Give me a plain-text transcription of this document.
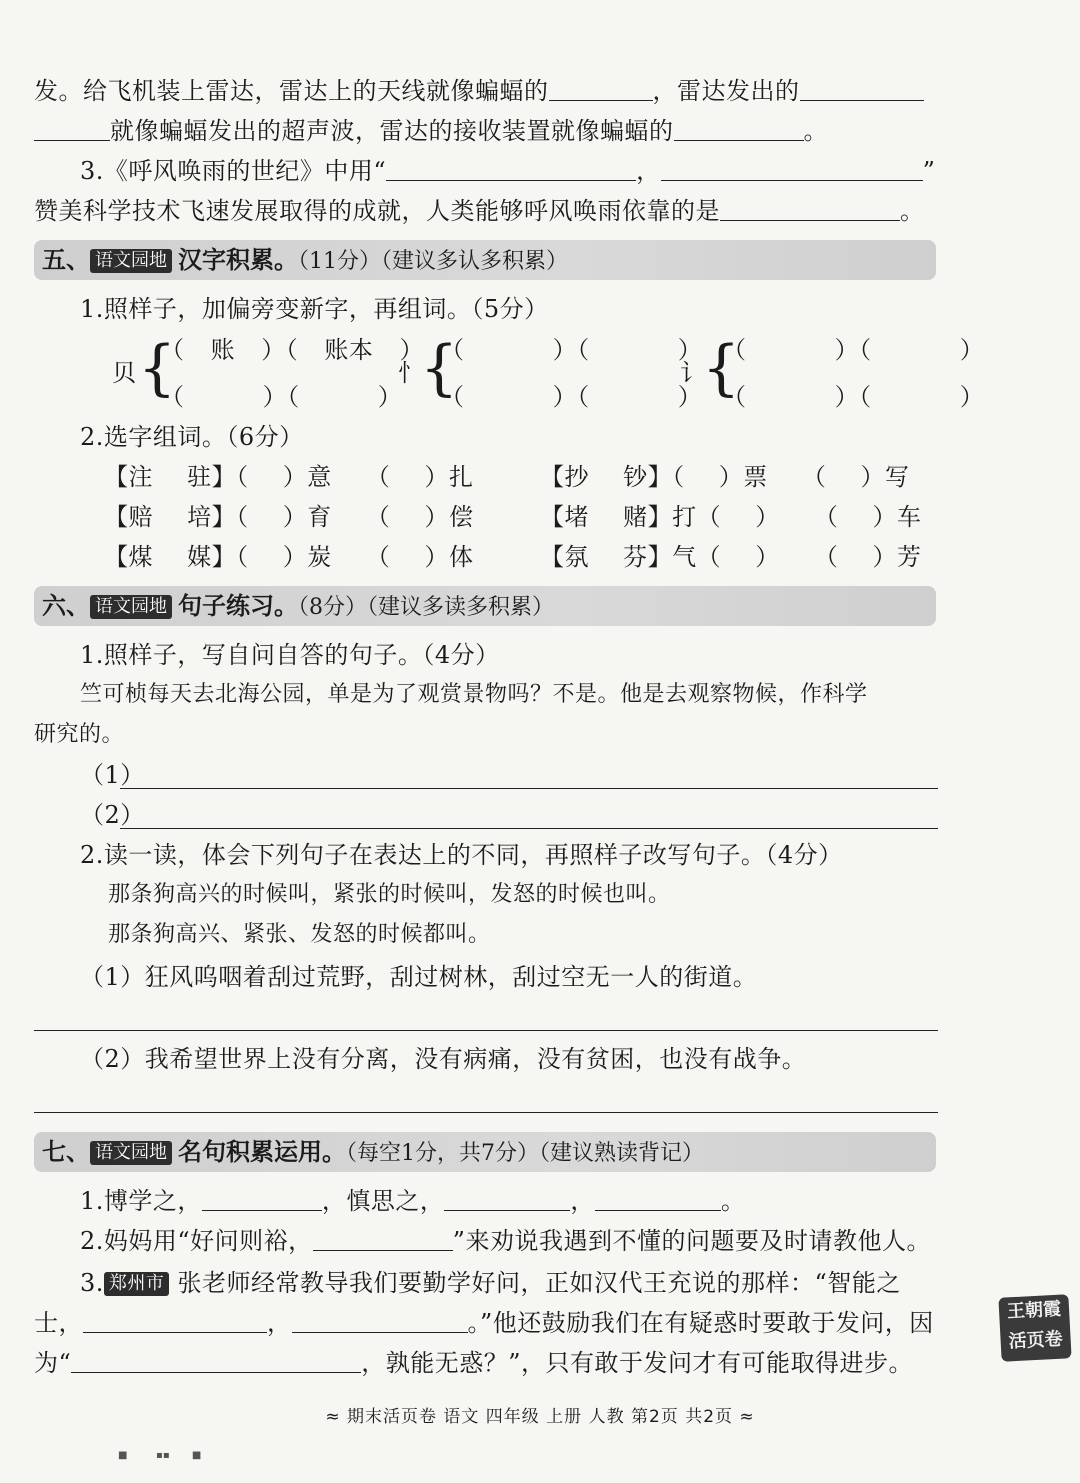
发。给飞机装上雷达，雷达上的天线就像蝙蝠的	，雷达发出的
就像蝙蝠发出的超声波，雷达的接收装置就像蝙蝠的	。
3.《呼风唤雨的世纪》中用“	，	”
赞美科学技术飞速发展取得的成就，人类能够呼风唤雨依靠的是	。
五、 语文园地 汉字积累。（11分）（建议多认多积累）
1.照样子，加偏旁变新字，再组词。（5分）
贝 {
（ 账 ）（ 账本 ）
（ ）（ ）
忄
{
（ ）（ ）
（ ）（ ）
讠
{
（ ）（ ）
（ ）（ ）
2.选字组词。（6分）
【注 驻】（ ）意 （ ）扎	【抄 钞】（ ）票 （ ）写
【赔 培】（ ）育 （ ）偿	【堵 赌】打（ ） （ ）车
【煤 媒】（ ）炭 （ ）体	【氛 芬】气（ ） （ ）芳
六、 语文园地 句子练习。（8分）（建议多读多积累）
1.照样子，写自问自答的句子。（4分）
竺可桢每天去北海公园，单是为了观赏景物吗？不是。他是去观察物候，作科学
研究的。
（1）
（2）
2.读一读，体会下列句子在表达上的不同，再照样子改写句子。（4分）
那条狗高兴的时候叫，紧张的时候叫，发怒的时候也叫。
那条狗高兴、紧张、发怒的时候都叫。
（1）狂风呜咽着刮过荒野，刮过树林，刮过空无一人的街道。
（2）我希望世界上没有分离，没有病痛，没有贫困，也没有战争。
七、 语文园地 名句积累运用。（每空1分，共7分）（建议熟读背记）
1.博学之，	，慎思之，	，	。
2.妈妈用“好问则裕，	”来劝说我遇到不懂的问题要及时请教他人。
3. 郑州市 张老师经常教导我们要勤学好问，正如汉代王充说的那样：“智能之
士，	，	。”他还鼓励我们在有疑惑时要敢于发问，因
为“	，孰能无惑？”，只有敢于发问才有可能取得进步。
王朝霞
活页卷
≈ 期末活页卷 语文 四年级 上册 人教 第2页 共2页 ≈
■         ▪▪       ■
